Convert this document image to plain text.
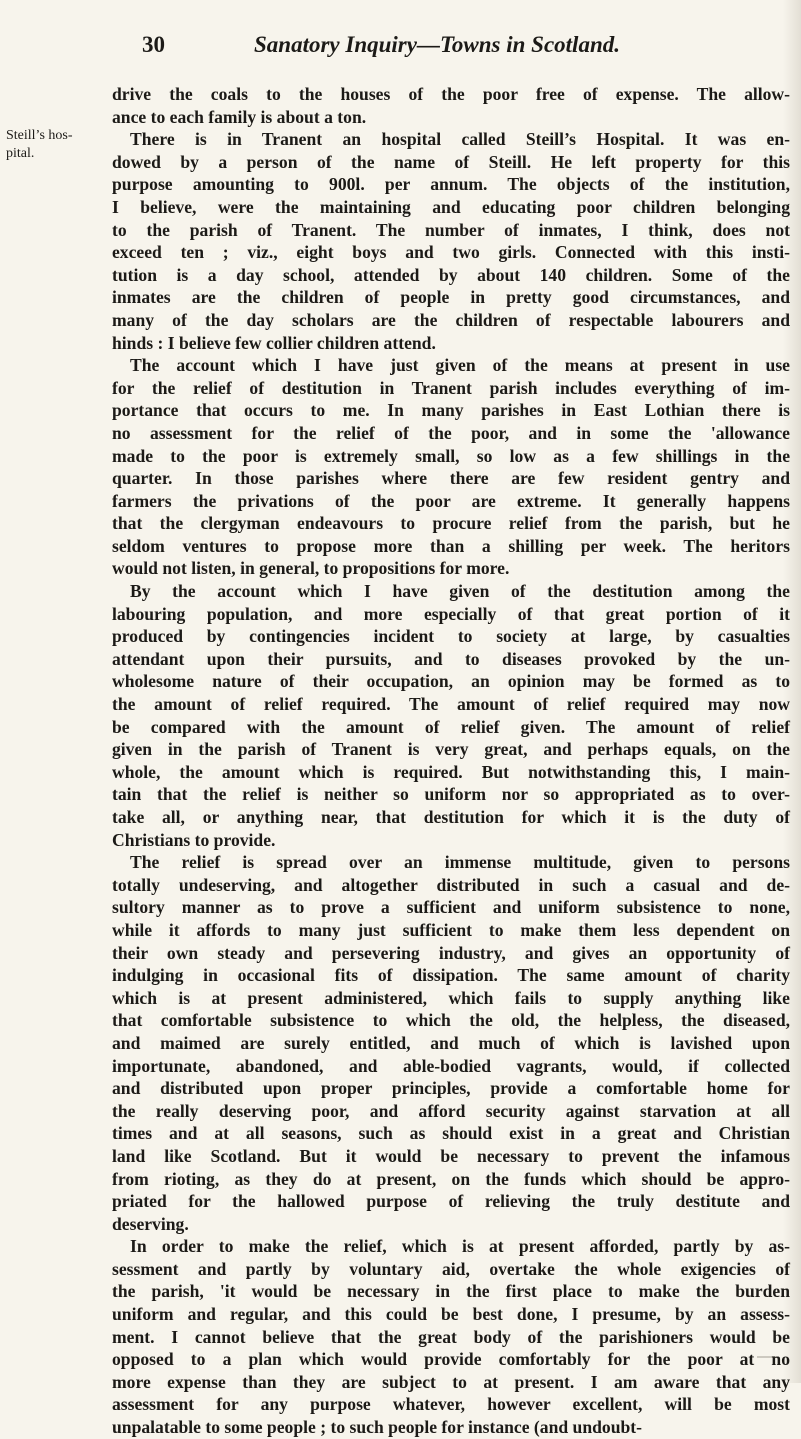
30	Sanatory Inquiry—Towns in Scotland.
Steill’s hos-
pital.
drive the coals to the houses of the poor free of expense. The allow-
ance to each family is about a ton.
There is in Tranent an hospital called Steill’s Hospital. It was en-
dowed by a person of the name of Steill. He left property for this
purpose amounting to 900l. per annum. The objects of the institution,
I believe, were the maintaining and educating poor children belonging
to the parish of Tranent. The number of inmates, I think, does not
exceed ten ; viz., eight boys and two girls. Connected with this insti-
tution is a day school, attended by about 140 children. Some of the
inmates are the children of people in pretty good circumstances, and
many of the day scholars are the children of respectable labourers and
hinds : I believe few collier children attend.
The account which I have just given of the means at present in use
for the relief of destitution in Tranent parish includes everything of im-
portance that occurs to me. In many parishes in East Lothian there is
no assessment for the relief of the poor, and in some the 'allowance
made to the poor is extremely small, so low as a few shillings in the
quarter. In those parishes where there are few resident gentry and
farmers the privations of the poor are extreme. It generally happens
that the clergyman endeavours to procure relief from the parish, but he
seldom ventures to propose more than a shilling per week. The heritors
would not listen, in general, to propositions for more.
By the account which I have given of the destitution among the
labouring population, and more especially of that great portion of it
produced by contingencies incident to society at large, by casualties
attendant upon their pursuits, and to diseases provoked by the un-
wholesome nature of their occupation, an opinion may be formed as to
the amount of relief required. The amount of relief required may now
be compared with the amount of relief given. The amount of relief
given in the parish of Tranent is very great, and perhaps equals, on the
whole, the amount which is required. But notwithstanding this, I main-
tain that the relief is neither so uniform nor so appropriated as to over-
take all, or anything near, that destitution for which it is the duty of
Christians to provide.
The relief is spread over an immense multitude, given to persons
totally undeserving, and altogether distributed in such a casual and de-
sultory manner as to prove a sufficient and uniform subsistence to none,
while it affords to many just sufficient to make them less dependent on
their own steady and persevering industry, and gives an opportunity of
indulging in occasional fits of dissipation. The same amount of charity
which is at present administered, which fails to supply anything like
that comfortable subsistence to which the old, the helpless, the diseased,
and maimed are surely entitled, and much of which is lavished upon
importunate, abandoned, and able-bodied vagrants, would, if collected
and distributed upon proper principles, provide a comfortable home for
the really deserving poor, and afford security against starvation at all
times and at all seasons, such as should exist in a great and Christian
land like Scotland. But it would be necessary to prevent the infamous
from rioting, as they do at present, on the funds which should be appro-
priated for the hallowed purpose of relieving the truly destitute and
deserving.
In order to make the relief, which is at present afforded, partly by as-
sessment and partly by voluntary aid, overtake the whole exigencies of
the parish, 'it would be necessary in the first place to make the burden
uniform and regular, and this could be best done, I presume, by an assess-
ment. I cannot believe that the great body of the parishioners would be
opposed to a plan which would provide comfortably for the poor at no
more expense than they are subject to at present. I am aware that any
assessment for any purpose whatever, however excellent, will be most
unpalatable to some people ; to such people for instance (and undoubt-
